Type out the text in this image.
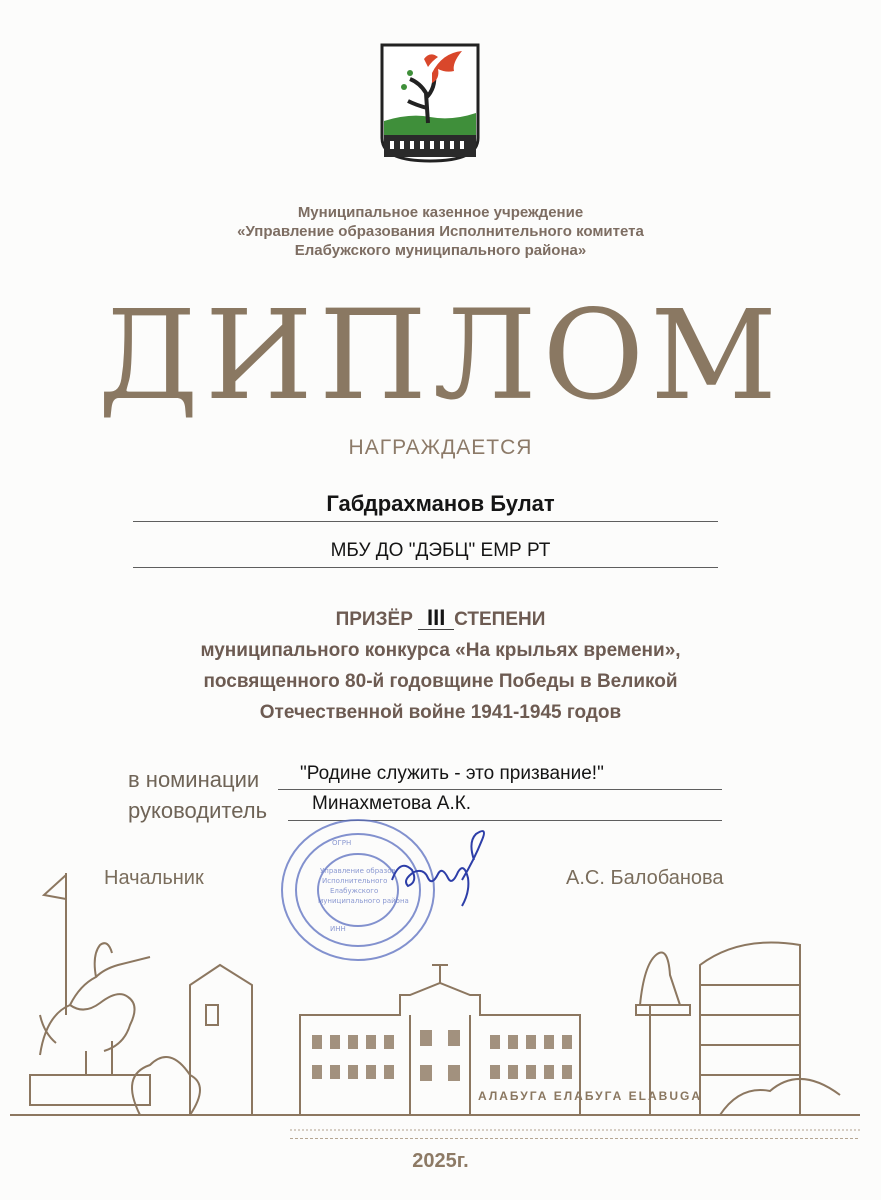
Муниципальное казенное учреждение
«Управление образования Исполнительного комитета
Елабужского муниципального района»
ДИПЛОМ
НАГРАЖДАЕТСЯ
Габдрахманов Булат
МБУ ДО "ДЭБЦ" ЕМР РТ
ПРИЗЁР III СТЕПЕНИ
муниципального конкурса «На крыльях времени»,
посвященного 80-й годовщине Победы в Великой
Отечественной войне 1941-1945 годов
в номинации "Родине служить - это призвание!"
руководитель Минахметова А.К.
ОГРН
Управление образов
Исполнительного
Елабужского
муниципального района
ИНН
Начальник	А.С. Балобанова
АЛАБУГА ЕЛАБУГА ELABUGA
2025г.
